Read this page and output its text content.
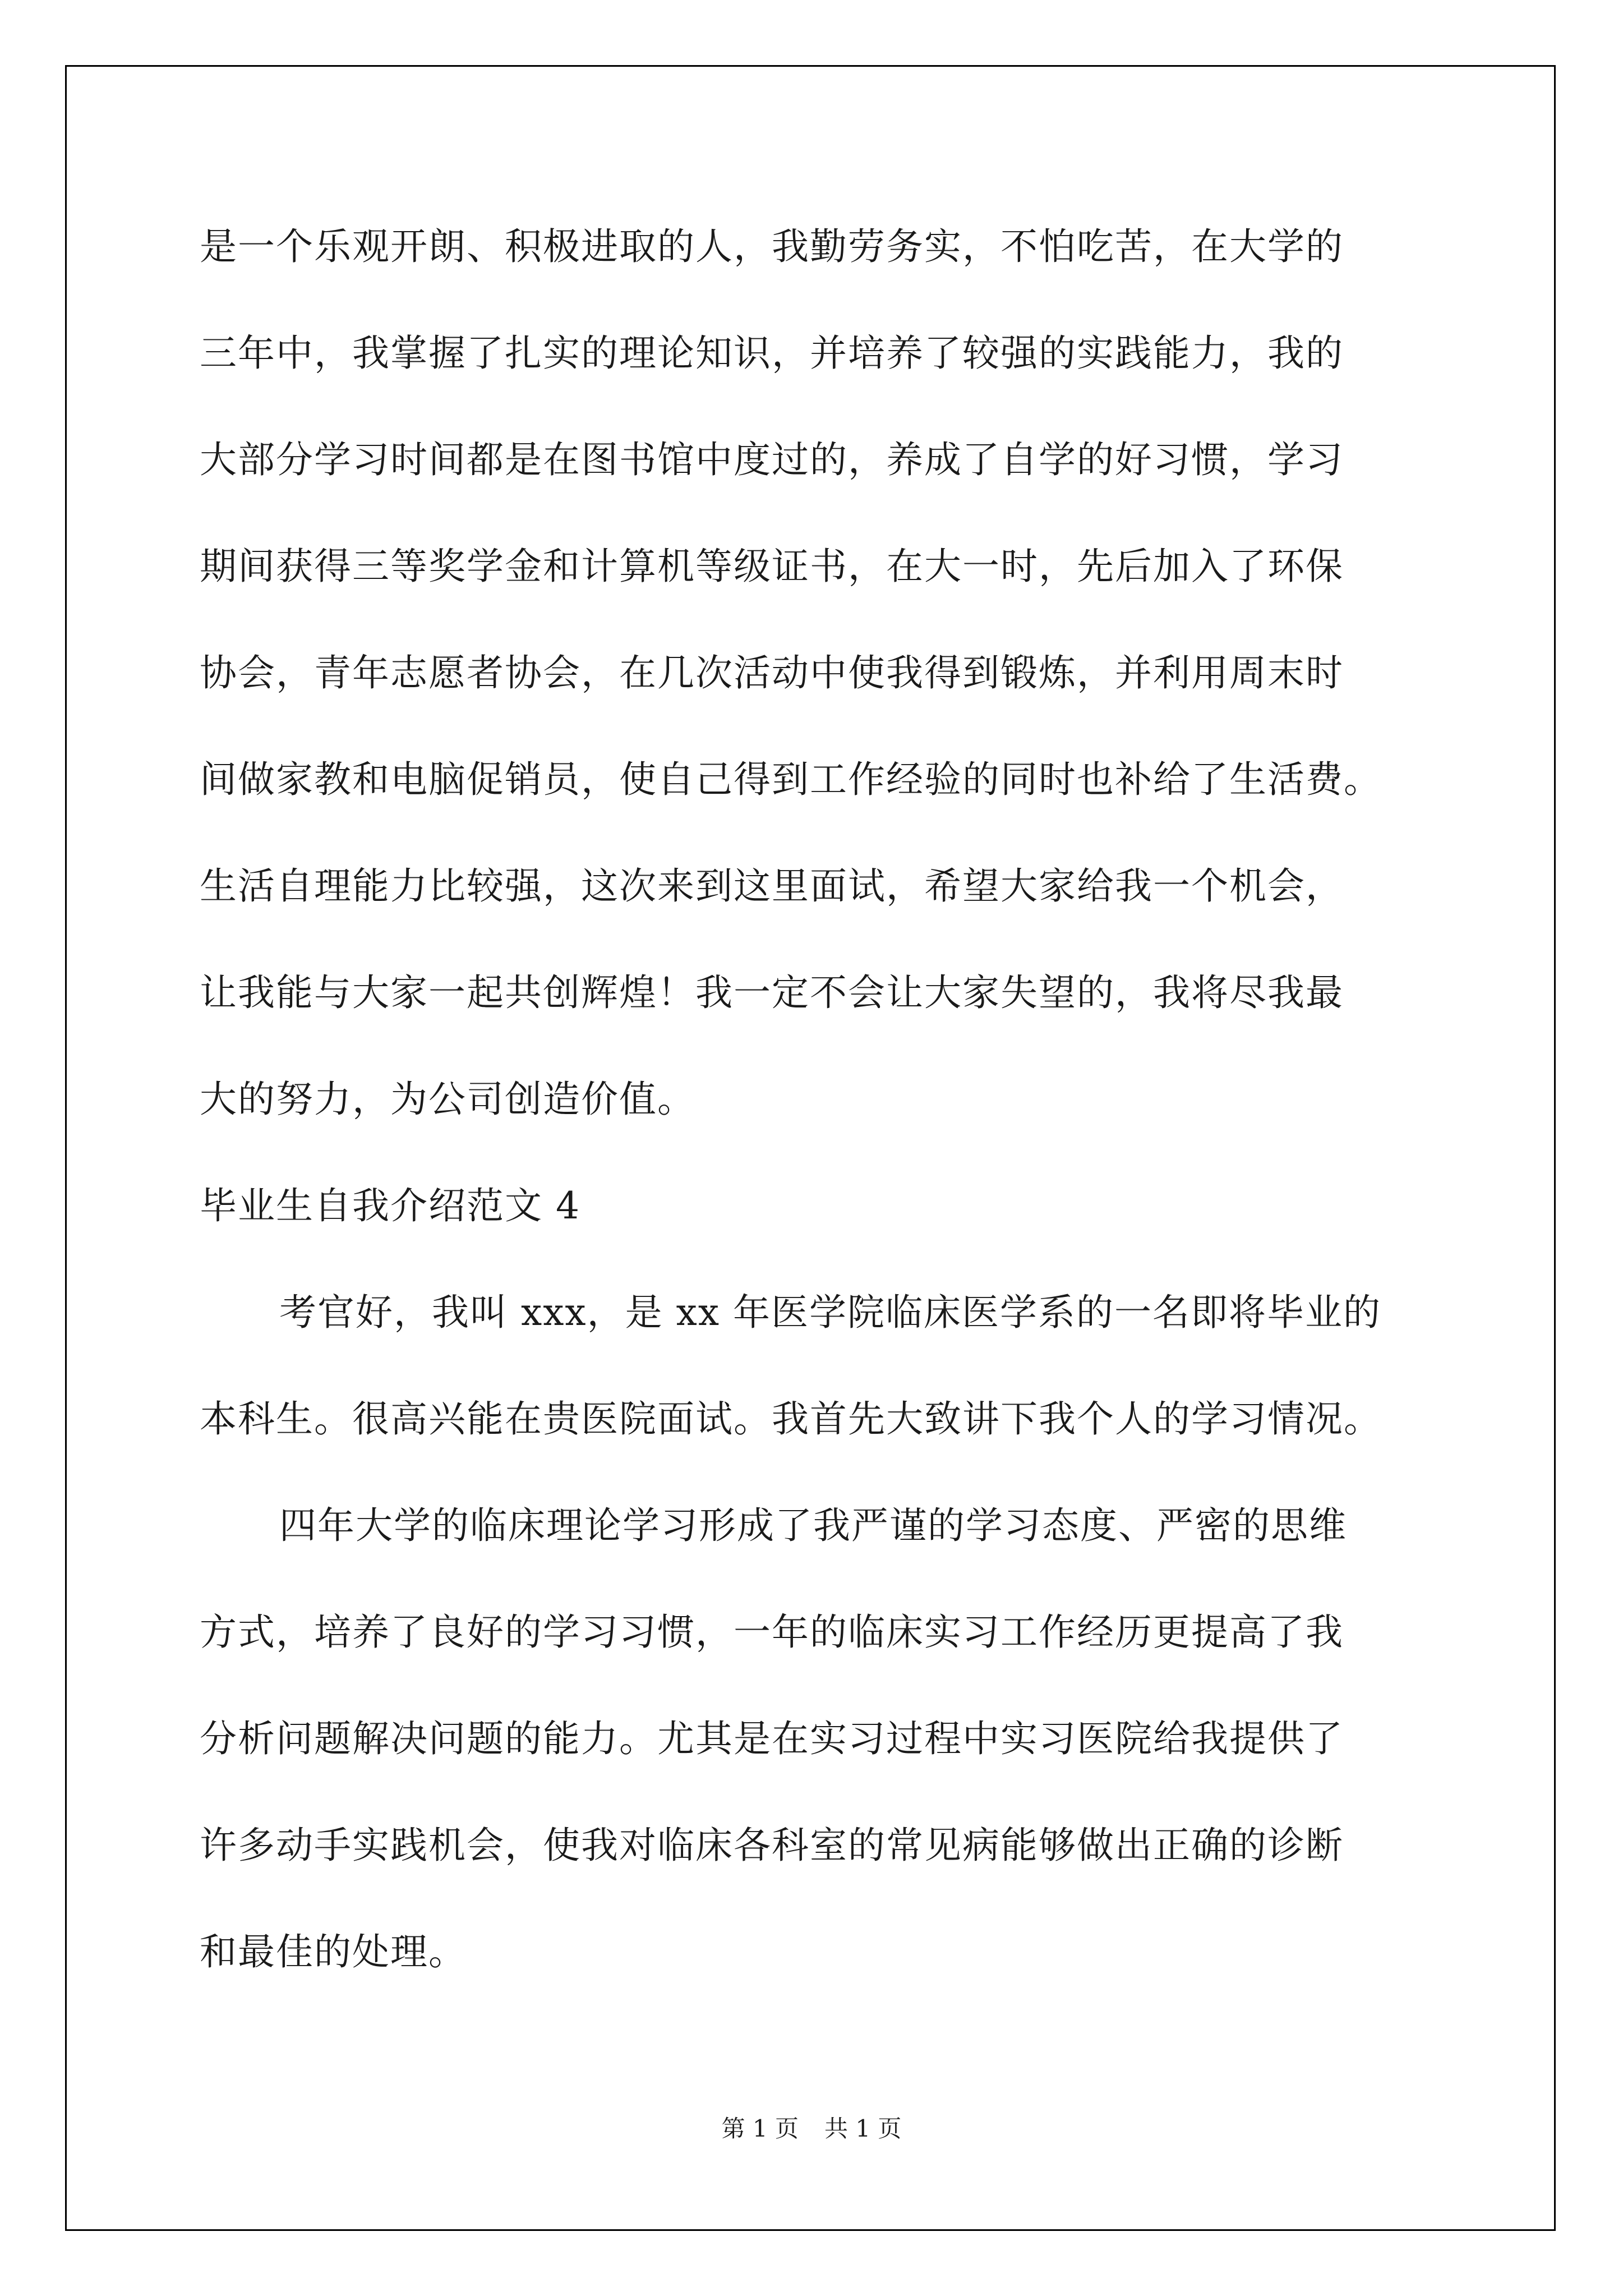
是一个乐观开朗、积极进取的人，我勤劳务实，不怕吃苦，在大学的
三年中，我掌握了扎实的理论知识，并培养了较强的实践能力，我的
大部分学习时间都是在图书馆中度过的，养成了自学的好习惯，学习
期间获得三等奖学金和计算机等级证书，在大一时，先后加入了环保
协会，青年志愿者协会，在几次活动中使我得到锻炼，并利用周末时
间做家教和电脑促销员，使自己得到工作经验的同时也补给了生活费。
生活自理能力比较强，这次来到这里面试，希望大家给我一个机会，
让我能与大家一起共创辉煌！我一定不会让大家失望的，我将尽我最
大的努力，为公司创造价值。
毕业生自我介绍范文 4
考官好，我叫 xxx，是 xx 年医学院临床医学系的一名即将毕业的
本科生。很高兴能在贵医院面试。我首先大致讲下我个人的学习情况。
四年大学的临床理论学习形成了我严谨的学习态度、严密的思维
方式，培养了良好的学习习惯，一年的临床实习工作经历更提高了我
分析问题解决问题的能力。尤其是在实习过程中实习医院给我提供了
许多动手实践机会，使我对临床各科室的常见病能够做出正确的诊断
和最佳的处理。
第 1 页 共 1 页
